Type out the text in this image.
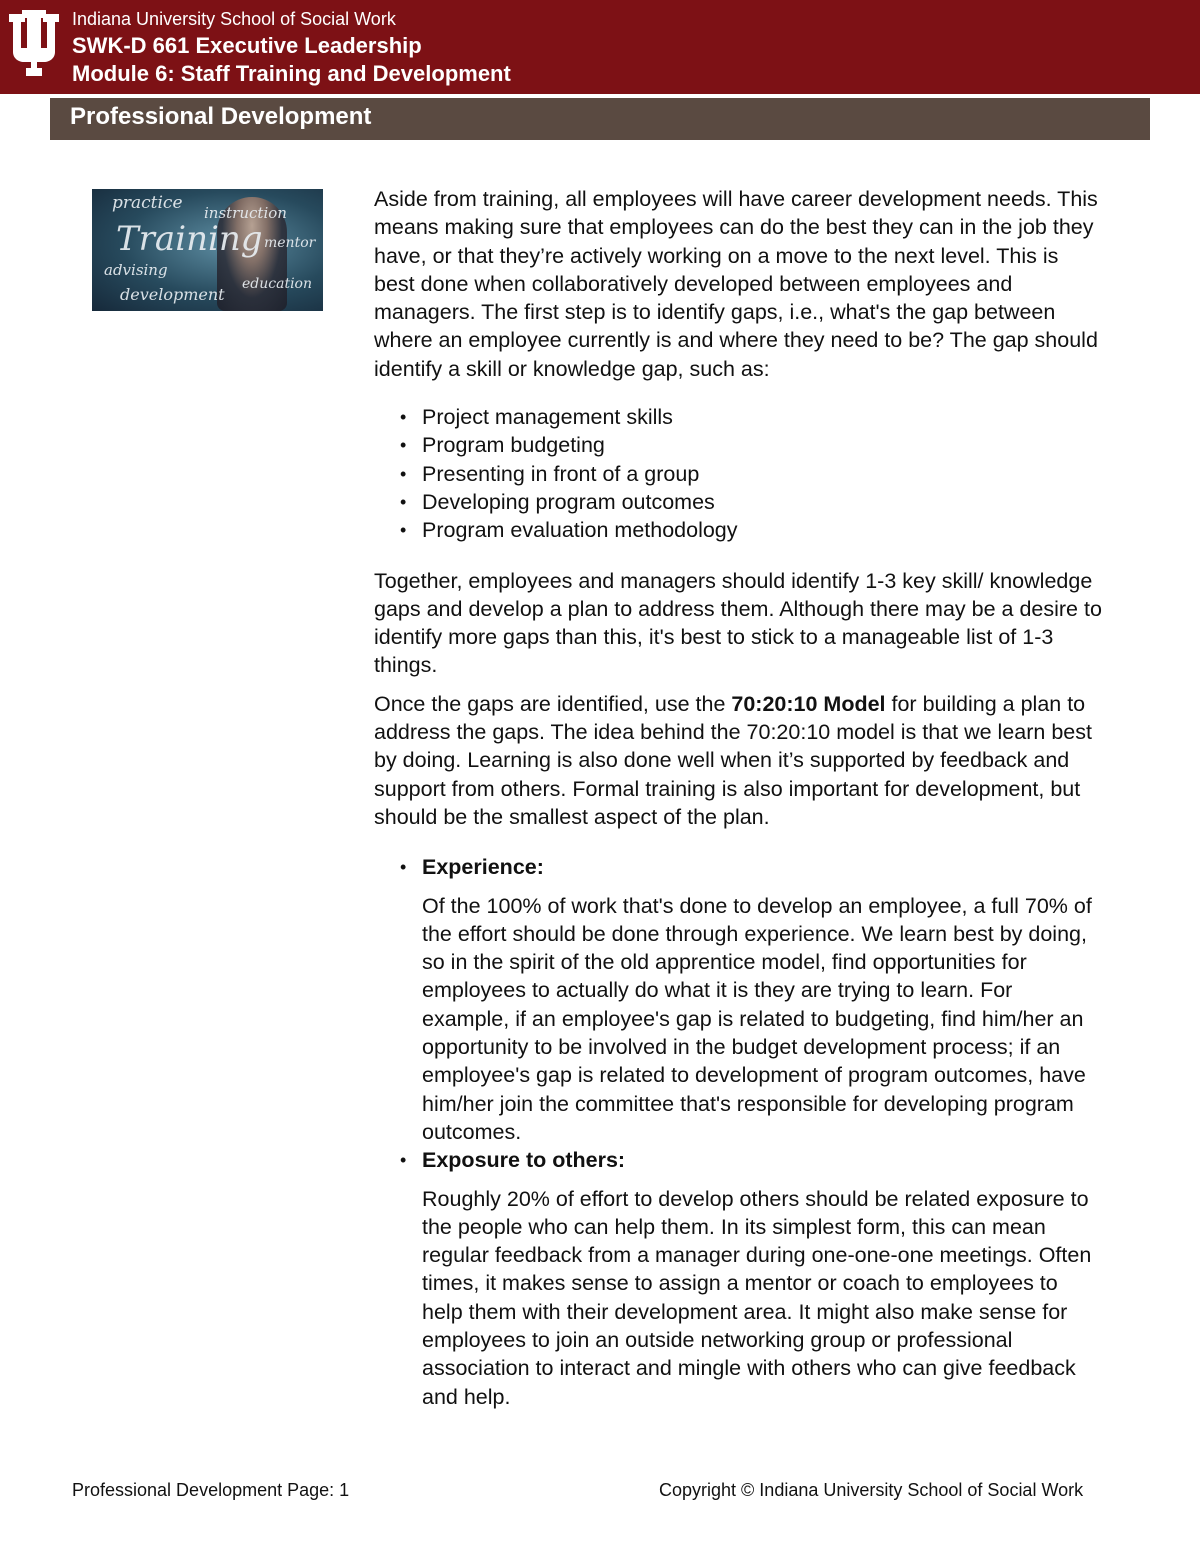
Indiana University School of Social Work
SWK-D 661 Executive Leadership
Module 6: Staff Training and Development
Professional Development
practice instruction
Training mentor
advising
education
development

Aside from training, all employees will have career development needs. This means making sure that employees can do the best they can in the job they have, or that they’re actively working on a move to the next level. This is best done when collaboratively developed between employees and managers. The first step is to identify gaps, i.e., what's the gap between where an employee currently is and where they need to be? The gap should identify a skill or knowledge gap, such as:

• Project management skills
• Program budgeting
• Presenting in front of a group
• Developing program outcomes
• Program evaluation methodology

Together, employees and managers should identify 1-3 key skill/ knowledge gaps and develop a plan to address them. Although there may be a desire to identify more gaps than this, it's best to stick to a manageable list of 1-3 things.

Once the gaps are identified, use the 70:20:10 Model for building a plan to address the gaps. The idea behind the 70:20:10 model is that we learn best by doing. Learning is also done well when it’s supported by feedback and support from others. Formal training is also important for development, but should be the smallest aspect of the plan.

• Experience:
Of the 100% of work that's done to develop an employee, a full 70% of the effort should be done through experience. We learn best by doing, so in the spirit of the old apprentice model, find opportunities for employees to actually do what it is they are trying to learn. For example, if an employee's gap is related to budgeting, find him/her an opportunity to be involved in the budget development process; if an employee's gap is related to development of program outcomes, have him/her join the committee that's responsible for developing program outcomes.
• Exposure to others:
Roughly 20% of effort to develop others should be related exposure to the people who can help them. In its simplest form, this can mean regular feedback from a manager during one-one-one meetings. Often times, it makes sense to assign a mentor or coach to employees to help them with their development area. It might also make sense for employees to join an outside networking group or professional association to interact and mingle with others who can give feedback and help.
Professional Development Page: 1	Copyright © Indiana University School of Social Work
